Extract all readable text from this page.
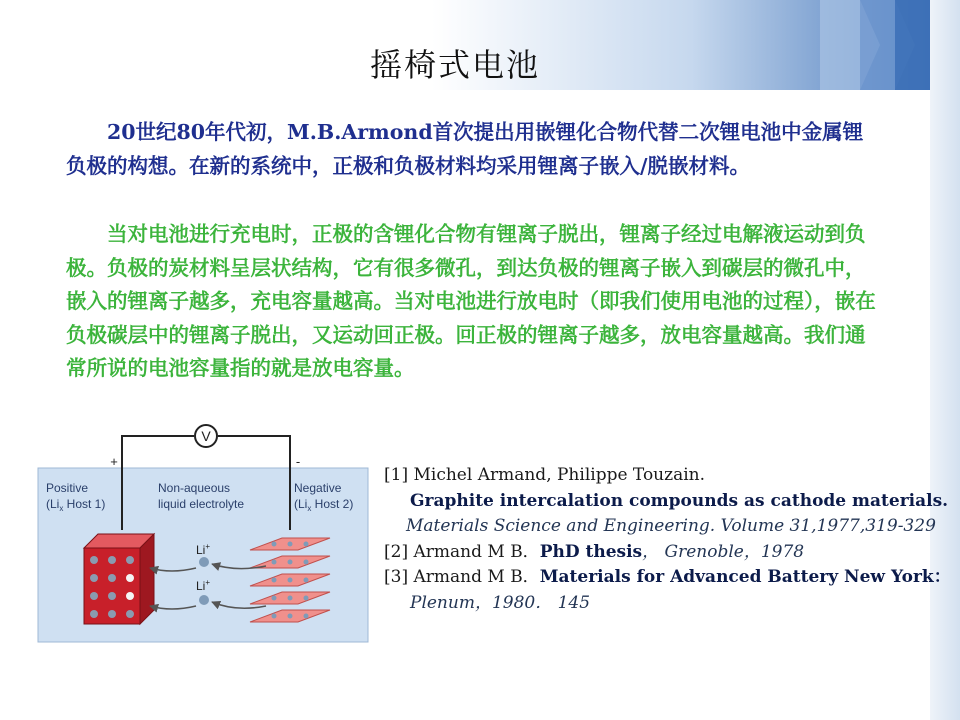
摇椅式电池
20世纪80年代初，M.B.Armond首次提出用嵌锂化合物代替二次锂电池中金属锂负极的构想。在新的系统中，正极和负极材料均采用锂离子嵌入/脱嵌材料。
当对电池进行充电时，正极的含锂化合物有锂离子脱出，锂离子经过电解液运动到负极。负极的炭材料呈层状结构，它有很多微孔，到达负极的锂离子嵌入到碳层的微孔中，嵌入的锂离子越多，充电容量越高。当对电池进行放电时（即我们使用电池的过程），嵌在负极碳层中的锂离子脱出，又运动回正极。回正极的锂离子越多，放电容量越高。我们通常所说的电池容量指的就是放电容量。
V
+	-
Positive
($Li_x$ Host 1)
Non-aqueous
liquid electrolyte
Negative
($Li_x$ Host 2)
Li+
Li+
[1] Michel Armand, Philippe Touzain.
Graphite intercalation compounds as cathode materials.
Materials Science and Engineering. Volume 31,1977,319-329
[2] Armand M B．PhD thesis， Grenoble，1978
[3] Armand M B．Materials for Advanced Battery New York：
Plenum，1980． 145
